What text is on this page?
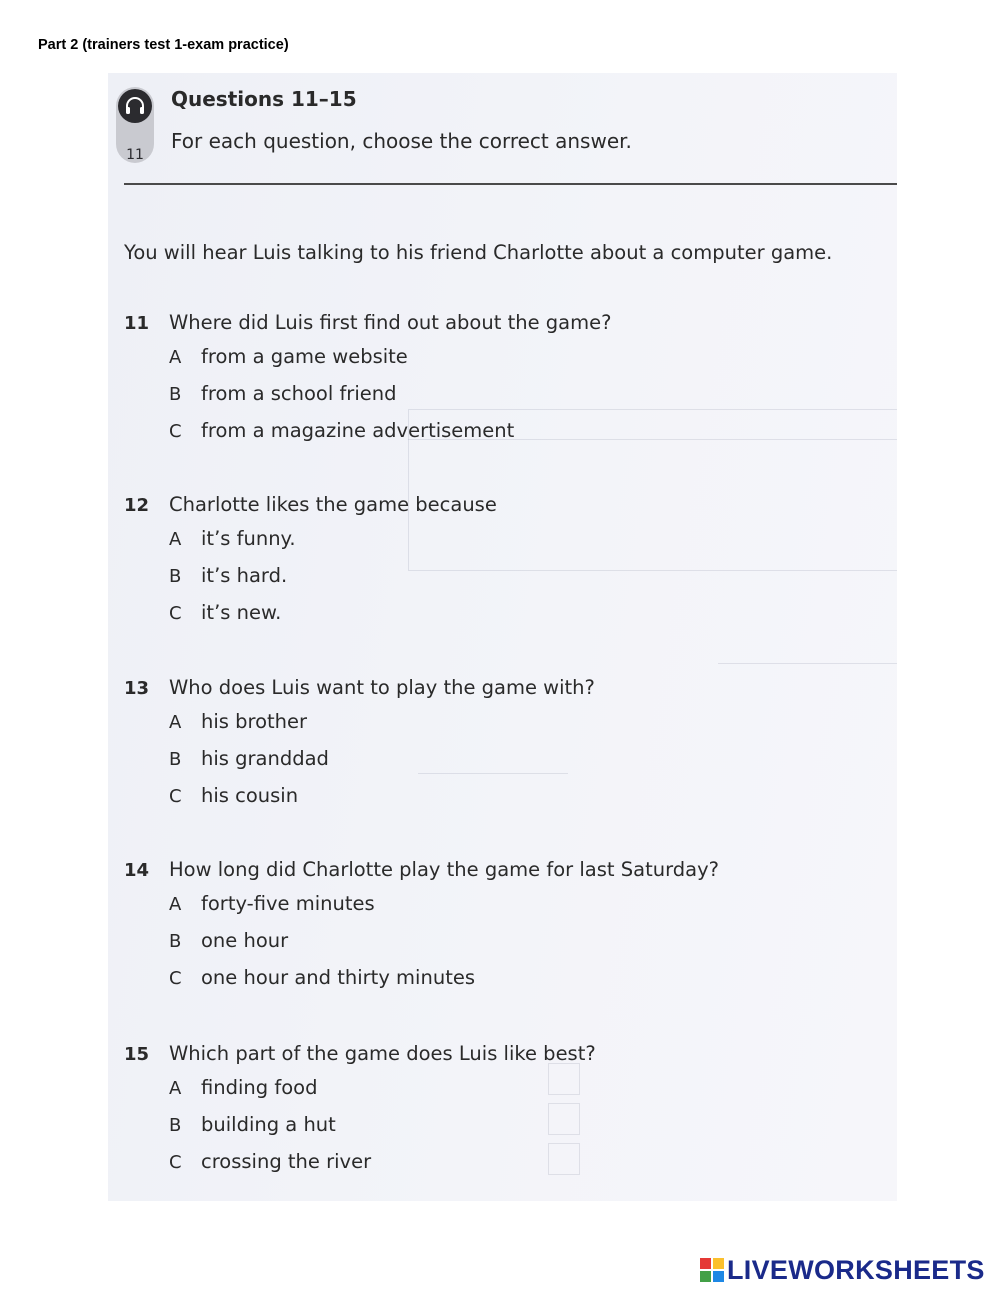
Part 2 (trainers test 1-exam practice)
11
Questions 11–15
For each question, choose the correct answer.
You will hear Luis talking to his friend Charlotte about a computer game.
11 Where did Luis first find out about the game?
A from a game website
B from a school friend
C from a magazine advertisement
12 Charlotte likes the game because
A it’s funny.
B it’s hard.
C it’s new.
13 Who does Luis want to play the game with?
A his brother
B his granddad
C his cousin
14 How long did Charlotte play the game for last Saturday?
A forty-five minutes
B one hour
C one hour and thirty minutes
15 Which part of the game does Luis like best?
A finding food
B building a hut
C crossing the river
LIVEWORKSHEETS
